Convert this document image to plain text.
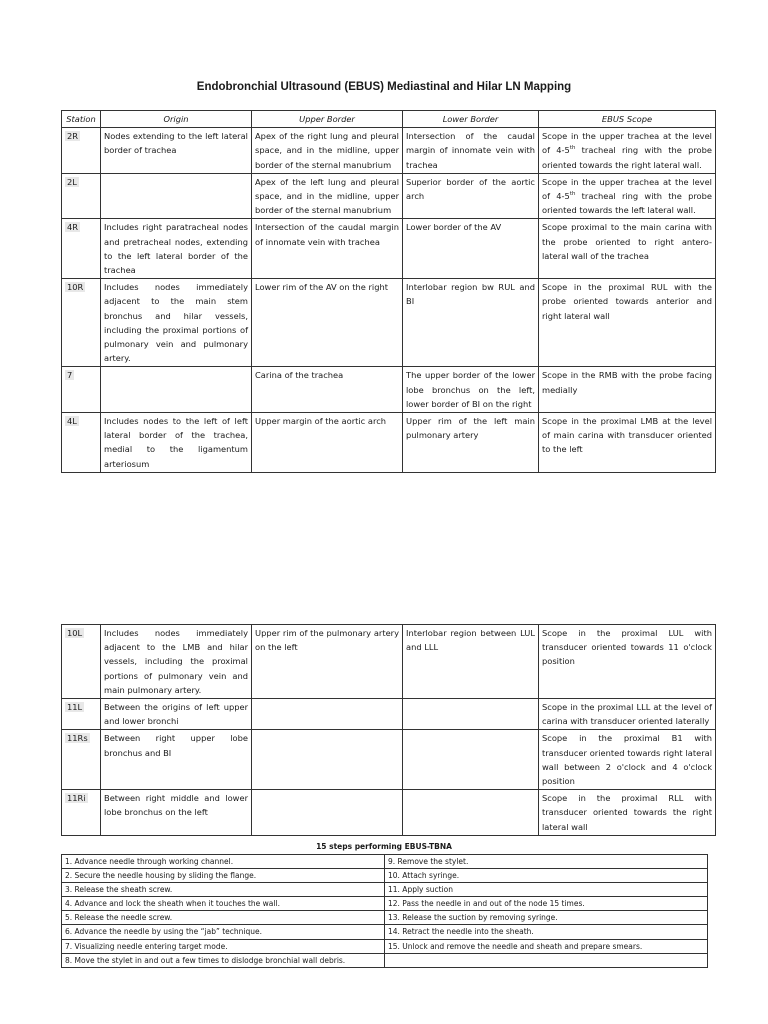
Endobronchial Ultrasound (EBUS) Mediastinal and Hilar LN Mapping
Station	Origin	Upper Border	Lower Border	EBUS Scope
2R	Nodes extending to the left lateral border of trachea	Apex of the right lung and pleural space, and in the midline, upper border of the sternal manubrium	Intersection of the caudal margin of innomate vein with trachea	Scope in the upper trachea at the level of 4-5th tracheal ring with the probe oriented towards the right lateral wall.
2L		Apex of the left lung and pleural space, and in the midline, upper border of the sternal manubrium	Superior border of the aortic arch	Scope in the upper trachea at the level of 4-5th tracheal ring with the probe oriented towards the left lateral wall.
4R	Includes right paratracheal nodes and pretracheal nodes, extending to the left lateral border of the trachea	Intersection of the caudal margin of innomate vein with trachea	Lower border of the AV	Scope proximal to the main carina with the probe oriented to right antero-lateral wall of the trachea
10R	Includes nodes immediately adjacent to the main stem bronchus and hilar vessels, including the proximal portions of pulmonary vein and pulmonary artery.	Lower rim of the AV on the right	Interlobar region bw RUL and BI	Scope in the proximal RUL with the probe oriented towards anterior and right lateral wall
7		Carina of the trachea	The upper border of the lower lobe bronchus on the left, lower border of BI on the right	Scope in the RMB with the probe facing medially
4L	Includes nodes to the left of left lateral border of the trachea, medial to the ligamentum arteriosum	Upper margin of the aortic arch	Upper rim of the left main pulmonary artery	Scope in the proximal LMB at the level of main carina with transducer oriented to the left
10L	Includes nodes immediately adjacent to the LMB and hilar vessels, including the proximal portions of pulmonary vein and main pulmonary artery.	Upper rim of the pulmonary artery on the left	Interlobar region between LUL and LLL	Scope in the proximal LUL with transducer oriented towards 11 o'clock position
11L	Between the origins of left upper and lower bronchi			Scope in the proximal LLL at the level of carina with transducer oriented laterally
11Rs	Between right upper lobe bronchus and BI			Scope in the proximal B1 with transducer oriented towards right lateral wall between 2 o'clock and 4 o'clock position
11Ri	Between right middle and lower lobe bronchus on the left			Scope in the proximal RLL with transducer oriented towards the right lateral wall
15 steps performing EBUS-TBNA
1. Advance needle through working channel.	9. Remove the stylet.
2. Secure the needle housing by sliding the flange.	10. Attach syringe.
3. Release the sheath screw.	11. Apply suction
4. Advance and lock the sheath when it touches the wall.	12. Pass the needle in and out of the node 15 times.
5. Release the needle screw.	13. Release the suction by removing syringe.
6. Advance the needle by using the “jab” technique.	14. Retract the needle into the sheath.
7. Visualizing needle entering target mode.	15. Unlock and remove the needle and sheath and prepare smears.
8. Move the stylet in and out a few times to dislodge bronchial wall debris.	
